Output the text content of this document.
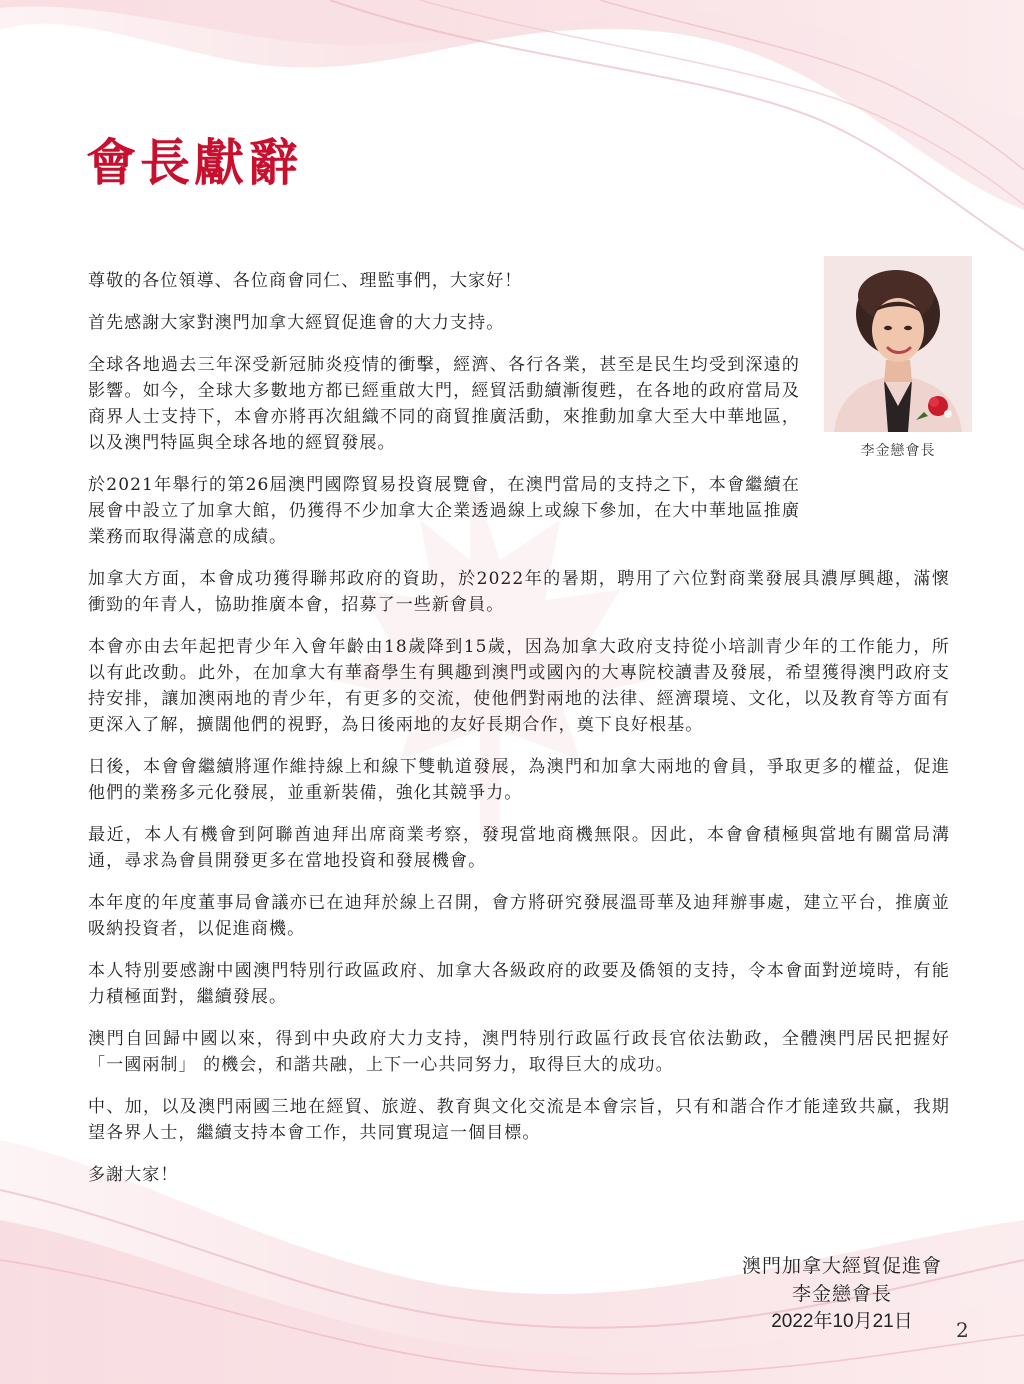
會長獻辭

尊敬的各位領導、各位商會同仁、理監事們，大家好！

首先感謝大家對澳門加拿大經貿促進會的大力支持。

全球各地過去三年深受新冠肺炎疫情的衝擊，經濟、各行各業，甚至是民生均受到深遠的影響。如今，全球大多數地方都已經重啟大門，經貿活動續漸復甦，在各地的政府當局及商界人士支持下，本會亦將再次組織不同的商貿推廣活動，來推動加拿大至大中華地區，以及澳門特區與全球各地的經貿發展。

於2021年舉行的第26屆澳門國際貿易投資展覽會，在澳門當局的支持之下，本會繼續在展會中設立了加拿大館，仍獲得不少加拿大企業透過線上或線下參加，在大中華地區推廣業務而取得滿意的成績。

加拿大方面，本會成功獲得聯邦政府的資助，於2022年的暑期，聘用了六位對商業發展具濃厚興趣，滿懷衝勁的年青人，協助推廣本會，招募了一些新會員。

本會亦由去年起把青少年入會年齡由18歲降到15歲，因為加拿大政府支持從小培訓青少年的工作能力，所以有此改動。此外，在加拿大有華裔學生有興趣到澳門或國內的大專院校讀書及發展，希望獲得澳門政府支持安排，讓加澳兩地的青少年，有更多的交流，使他們對兩地的法律、經濟環境、文化，以及教育等方面有更深入了解，擴闊他們的視野，為日後兩地的友好長期合作，奠下良好根基。

日後，本會會繼續將運作維持線上和線下雙軌道發展，為澳門和加拿大兩地的會員，爭取更多的權益，促進他們的業務多元化發展，並重新裝備，強化其競爭力。

最近，本人有機會到阿聯酋迪拜出席商業考察，發現當地商機無限。因此，本會會積極與當地有關當局溝通，尋求為會員開發更多在當地投資和發展機會。

本年度的年度董事局會議亦已在迪拜於線上召開，會方將研究發展溫哥華及迪拜辦事處，建立平台，推廣並吸納投資者，以促進商機。

本人特別要感謝中國澳門特別行政區政府、加拿大各級政府的政要及僑領的支持，令本會面對逆境時，有能力積極面對，繼續發展。

澳門自回歸中國以來，得到中央政府大力支持，澳門特別行政區行政長官依法勤政，全體澳門居民把握好「一國兩制」 的機会，和諧共融，上下一心共同努力，取得巨大的成功。

中、加，以及澳門兩國三地在經貿、旅遊、教育與文化交流是本會宗旨，只有和諧合作才能達致共赢，我期望各界人士，繼續支持本會工作，共同實現這一個目標。

多謝大家！

李金戀會長
澳門加拿大經貿促進會
李金戀會長
2022年10月21日	2
